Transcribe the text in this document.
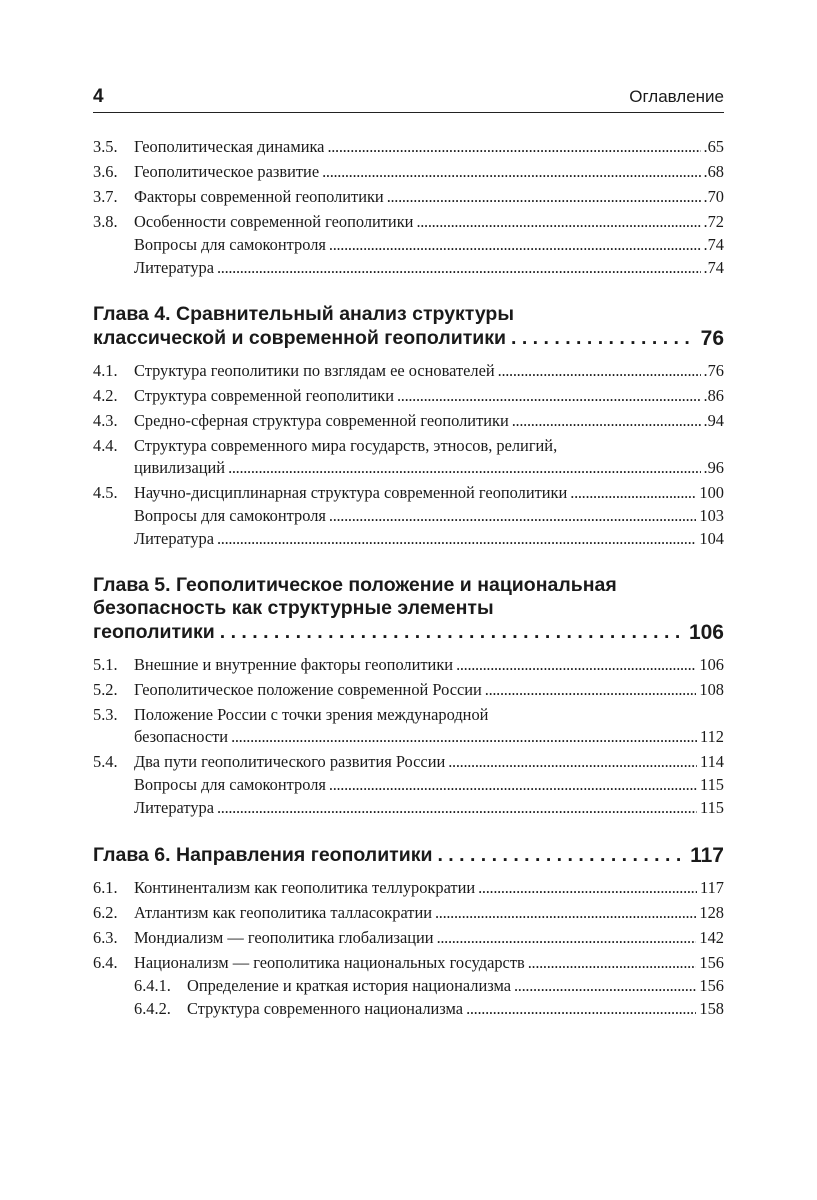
4	Оглавление
3.5.	Геополитическая динамика . . .	.65
3.6.	Геополитическое развитие . . .	.68
3.7.	Факторы современной геополитики . . .	.70
3.8.	Особенности современной геополитики . . .	.72
Вопросы для самоконтроля . . .	.74
Литература . . .	.74
Глава 4. Сравнительный анализ структуры
классической и современной геополитики . . .	76
4.1.	Структура геополитики по взглядам ее основателей . . .	.76
4.2.	Структура современной геополитики . . .	.86
4.3.	Средно-сферная структура современной геополитики . . .	.94
4.4.	Структура современного мира государств, этносов, религий,
цивилизаций . . .	.96
4.5.	Научно-дисциплинарная структура современной геополитики . . .	100
Вопросы для самоконтроля . . .	103
Литература . . .	104
Глава 5. Геополитическое положение и национальная
безопасность как структурные элементы
геополитики . . .	106
5.1.	Внешние и внутренние факторы геополитики . . .	106
5.2.	Геополитическое положение современной России . . .	108
5.3.	Положение России с точки зрения международной
безопасности . . .	112
5.4.	Два пути геополитического развития России . . .	114
Вопросы для самоконтроля . . .	115
Литература . . .	115
Глава 6. Направления геополитики . . .	117
6.1.	Континентализм как геополитика теллурократии . . .	117
6.2.	Атлантизм как геополитика талласократии . . .	128
6.3.	Мондиализм — геополитика глобализации . . .	142
6.4.	Национализм — геополитика национальных государств . . .	156
6.4.1. Определение и краткая история национализма . . .	156
6.4.2. Структура современного национализма . . .	158
